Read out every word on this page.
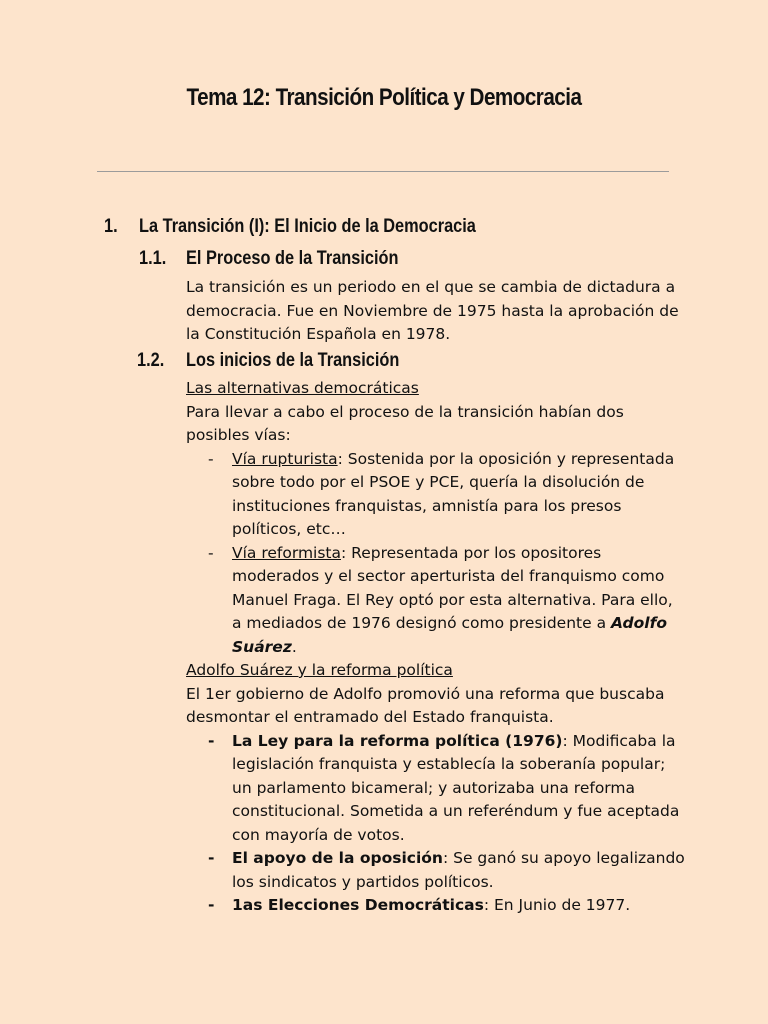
Tema 12: Transición Política y Democracia
1. La Transición (I): El Inicio de la Democracia
1.1. El Proceso de la Transición
La transición es un periodo en el que se cambia de dictadura a democracia. Fue en Noviembre de 1975 hasta la aprobación de la Constitución Española en 1978.
1.2. Los inicios de la Transición

Las alternativas democráticas

Para llevar a cabo el proceso de la transición habían dos posibles vías:

- Vía rupturista: Sostenida por la oposición y representada sobre todo por el PSOE y PCE, quería la disolución de instituciones franquistas, amnistía para los presos políticos, etc…
- Vía reformista: Representada por los opositores moderados y el sector aperturista del franquismo como Manuel Fraga. El Rey optó por esta alternativa. Para ello, a mediados de 1976 designó como presidente a Adolfo Suárez.

Adolfo Suárez y la reforma política

El 1er gobierno de Adolfo promovió una reforma que buscaba desmontar el entramado del Estado franquista.

- La Ley para la reforma política (1976): Modificaba la legislación franquista y establecía la soberanía popular; un parlamento bicameral; y autorizaba una reforma constitucional. Sometida a un referéndum y fue aceptada con mayoría de votos.
- El apoyo de la oposición: Se ganó su apoyo legalizando los sindicatos y partidos políticos.
- 1as Elecciones Democráticas: En Junio de 1977.
